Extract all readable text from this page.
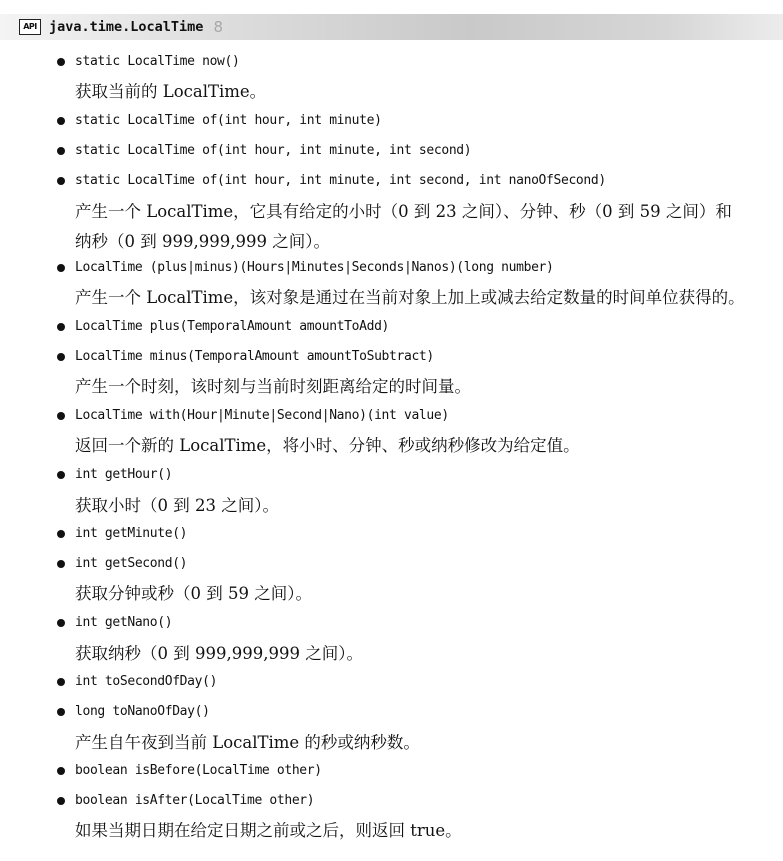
API java.time.LocalTime 8
static LocalTime now()
获取当前的 LocalTime。
static LocalTime of(int hour, int minute)
static LocalTime of(int hour, int minute, int second)
static LocalTime of(int hour, int minute, int second, int nanoOfSecond)
产生一个 LocalTime，它具有给定的小时（0 到 23 之间）、分钟、秒（0 到 59 之间）和
纳秒（0 到 999,999,999 之间）。
LocalTime (plus|minus)(Hours|Minutes|Seconds|Nanos)(long number)
产生一个 LocalTime，该对象是通过在当前对象上加上或减去给定数量的时间单位获得的。
LocalTime plus(TemporalAmount amountToAdd)
LocalTime minus(TemporalAmount amountToSubtract)
产生一个时刻，该时刻与当前时刻距离给定的时间量。
LocalTime with(Hour|Minute|Second|Nano)(int value)
返回一个新的 LocalTime，将小时、分钟、秒或纳秒修改为给定值。
int getHour()
获取小时（0 到 23 之间）。
int getMinute()
int getSecond()
获取分钟或秒（0 到 59 之间）。
int getNano()
获取纳秒（0 到 999,999,999 之间）。
int toSecondOfDay()
long toNanoOfDay()
产生自午夜到当前 LocalTime 的秒或纳秒数。
boolean isBefore(LocalTime other)
boolean isAfter(LocalTime other)
如果当期日期在给定日期之前或之后，则返回 true。
